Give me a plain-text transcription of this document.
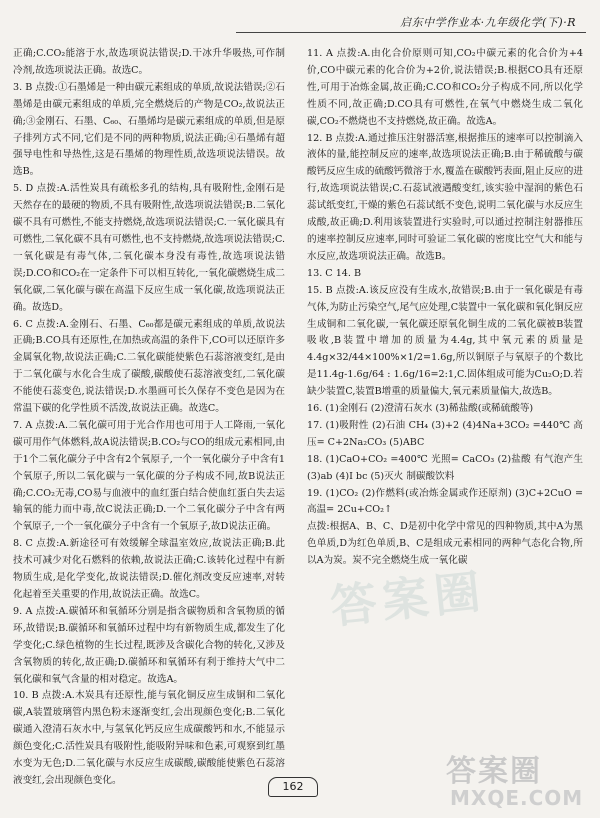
启东中学作业本·九年级化学(下)·R

正确;C.CO₂能溶于水,故选项说法错误;D.干冰升华吸热,可作制冷剂,故选项说法正确。故选C。

3. B 点拨:①石墨烯是一种由碳元素组成的单质,故说法错误;②石墨烯是由碳元素组成的单质,完全燃烧后的产物是CO₂,故说法正确;③金刚石、石墨、C₆₀、石墨烯均是碳元素组成的单质,但是原子排列方式不同,它们是不同的两种物质,说法正确;④石墨烯有超强导电性和导热性,这是石墨烯的物理性质,故选项说法错误。故选B。

5. D 点拨:A.活性炭具有疏松多孔的结构,具有吸附性,金刚石是天然存在的最硬的物质,不具有吸附性,故选项说法错误;B.二氧化碳不具有可燃性,不能支持燃烧,故选项说法错误;C.一氧化碳具有可燃性,二氧化碳不具有可燃性,也不支持燃烧,故选项说法错误;C.一氧化碳是有毒气体,二氧化碳本身没有毒性,故选项说法错误;D.CO和CO₂在一定条件下可以相互转化,一氧化碳燃烧生成二氧化碳,二氧化碳与碳在高温下反应生成一氧化碳,故选项说法正确。故选D。

6. C 点拨:A.金刚石、石墨、C₆₀都是碳元素组成的单质,故说法正确;B.CO具有还原性,在加热或高温的条件下,CO可以还原许多金属氧化物,故说法正确;C.二氧化碳能使紫色石蕊溶液变红,是由于二氧化碳与水化合生成了碳酸,碳酸使石蕊溶液变红,二氧化碳不能使石蕊变色,说法错误;D.水墨画可长久保存不变色是因为在常温下碳的化学性质不活泼,故说法正确。故选C。

7. A 点拨:A.二氧化碳可用于光合作用也可用于人工降雨,一氧化碳可用作气体燃料,故A说法错误;B.CO₂与CO的组成元素相同,由于1个二氧化碳分子中含有2个氧原子,一个一氧化碳分子中含有1个氧原子,所以二氧化碳与一氧化碳的分子构成不同,故B说法正确;C.CO₂无毒,CO易与血液中的血红蛋白结合使血红蛋白失去运输氧的能力而中毒,故C说法正确;D.一个二氧化碳分子中含有两个氧原子,一个一氧化碳分子中含有一个氧原子,故D说法正确。

8. C 点拨:A.新途径可有效缓解全球温室效应,故说法正确;B.此技术可减少对化石燃料的依赖,故说法正确;C.该转化过程中有新物质生成,是化学变化,故说法错误;D.催化剂改变反应速率,对转化起着至关重要的作用,故说法正确。故选C。

9. A 点拨:A.碳循环和氧循环分别是指含碳物质和含氧物质的循环,故错误;B.碳循环和氧循环过程中均有新物质生成,都发生了化学变化;C.绿色植物的生长过程,既涉及含碳化合物的转化,又涉及含氧物质的转化,故正确;D.碳循环和氧循环有利于维持大气中二氧化碳和氧气含量的相对稳定。故选A。

10. B 点拨:A.木炭具有还原性,能与氧化铜反应生成铜和二氧化碳,A装置玻璃管内黑色粉末逐渐变红,会出现颜色变化;B.二氧化碳通入澄清石灰水中,与氢氧化钙反应生成碳酸钙和水,不能显示颜色变化;C.活性炭具有吸附性,能吸附异味和色素,可观察到红墨水变为无色;D.二氧化碳与水反应生成碳酸,碳酸能使紫色石蕊溶液变红,会出现颜色变化。

11. A 点拨:A.由化合价原则可知,CO₂中碳元素的化合价为+4价,CO中碳元素的化合价为+2价,说法错误;B.根据CO具有还原性,可用于冶炼金属,故正确;C.CO和CO₂分子构成不同,所以化学性质不同,故正确;D.CO具有可燃性,在氧气中燃烧生成二氧化碳,CO₂不燃烧也不支持燃烧,故正确。故选A。

12. B 点拨:A.通过推压注射器活塞,根据推压的速率可以控制滴入液体的量,能控制反应的速率,故选项说法正确;B.由于稀硫酸与碳酸钙反应生成的硫酸钙微溶于水,覆盖在碳酸钙表面,阻止反应的进行,故选项说法错误;C.石蕊试液遇酸变红,该实验中湿润的紫色石蕊试纸变红,干燥的紫色石蕊试纸不变色,说明二氧化碳与水反应生成酸,故正确;D.利用该装置进行实验时,可以通过控制注射器推压的速率控制反应速率,同时可验证二氧化碳的密度比空气大和能与水反应,故选项说法正确。故选B。

13. C 14. B

15. B 点拨:A.该反应没有生成水,故错误;B.由于一氧化碳是有毒气体,为防止污染空气,尾气应处理,C装置中一氧化碳和氧化铜反应生成铜和二氧化碳,一氧化碳还原氧化铜生成的二氧化碳被B装置吸收,B装置中增加的质量为4.4g,其中氧元素的质量是4.4g×32/44×100%×1/2=1.6g,所以铜原子与氧原子的个数比是11.4g-1.6g/64 : 1.6g/16=2:1,C.固体组成可能为Cu₂O;D.若缺少装置C,装置B增重的质量偏大,氧元素质量偏大,故选B。

16. (1)金刚石 (2)澄清石灰水 (3)稀盐酸(或稀硫酸等)

17. (1)吸附性 (2)石油 CH₄ (3)+2 (4)4Na+3CO₂ =440℃ 高压= C+2Na₂CO₃ (5)ABC

18. (1)CaO+CO₂ =400℃ 光照= CaCO₃ (2)盐酸 有气泡产生 (3)ab (4)I bc (5)灭火 制碳酸饮料

19. (1)CO₂ (2)作燃料(或冶炼金属或作还原剂) (3)C+2CuO =高温= 2Cu+CO₂↑

点拨:根据A、B、C、D是初中化学中常见的四种物质,其中A为黑色单质,D为红色单质,B、C是组成元素相同的两种气态化合物,所以A为炭。炭不完全燃烧生成一氧化碳

答案圈
162	答案圈
MXQE.COM
